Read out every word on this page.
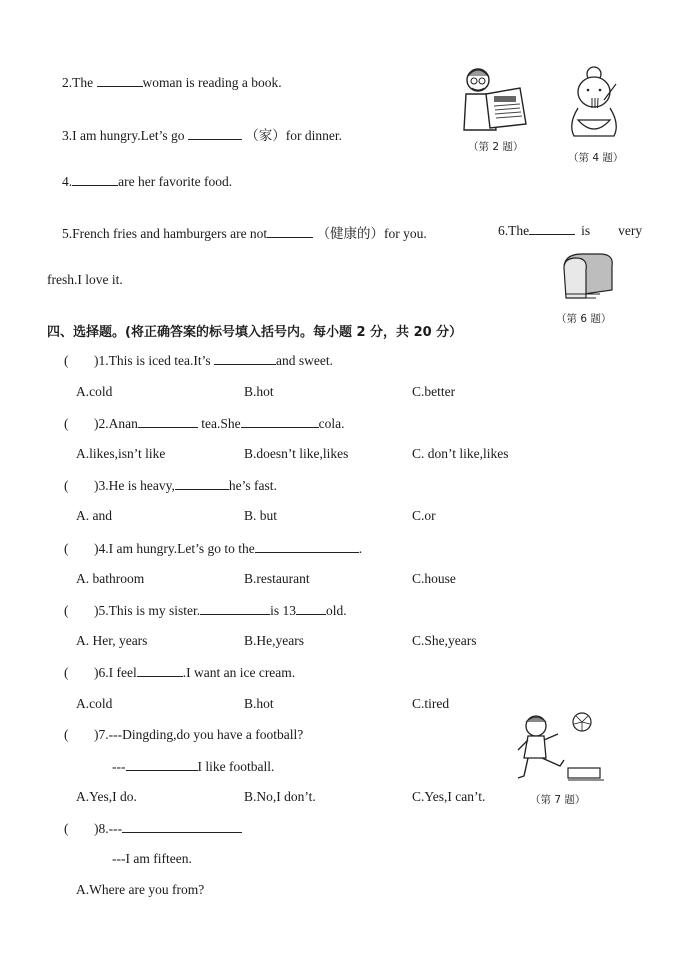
2.The	woman is reading a book.
3.I am hungry.Let’s go	（家）for dinner.
4.	are her favorite food.
5.French fries and hamburgers are not	（健康的）for you.	6.The	is very
fresh.I love it.
（第 2 题）
（第 4 题）
（第 6 题）
四、选择题。(将正确答案的标号填入括号内。每小题 2 分，共 20 分）
( )1.This is iced tea.It’s	and sweet.
A.cold	B.hot	C.better
( )2.Anan	tea.She	cola.
A.likes,isn’t like	B.doesn’t like,likes	C. don’t like,likes
( )3.He is heavy,	he’s fast.
A. and	B. but	C.or
( )4.I am hungry.Let’s go to the	.
A. bathroom	B.restaurant	C.house
( )5.This is my sister.	is 13 old.
A. Her, years	B.He,years	C.She,years
( )6.I feel	.I want an ice cream.
A.cold	B.hot	C.tired
( )7.---Dingding,do you have a football?
---	I like football.
A.Yes,I do.	B.No,I don’t.	C.Yes,I can’t.	（第 7 题）
( )8.---
---I am fifteen.
A.Where are you from?
